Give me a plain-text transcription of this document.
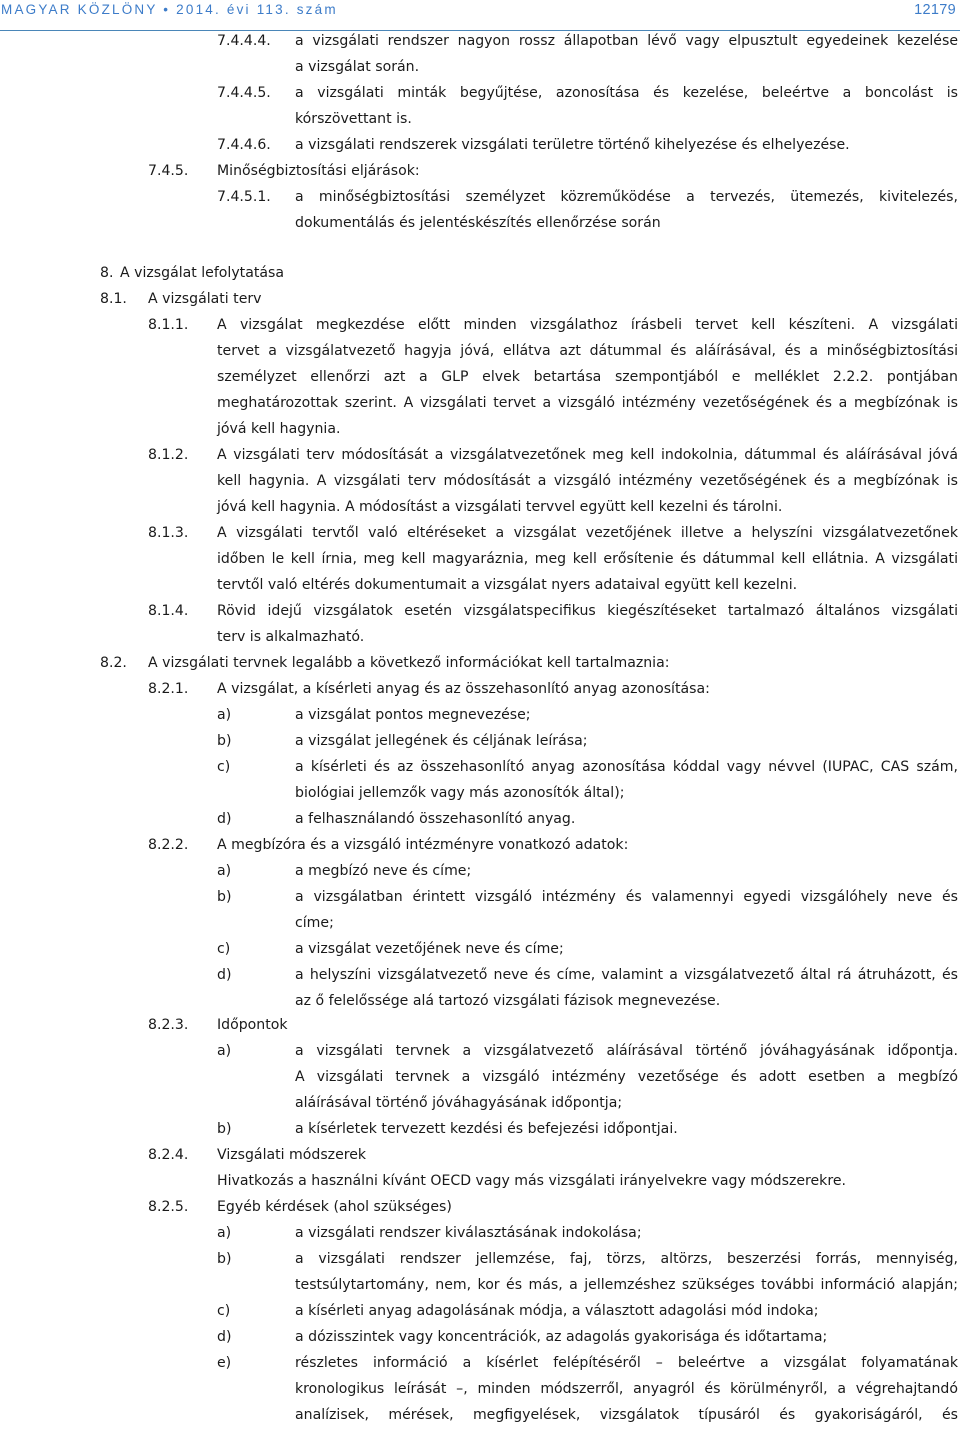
MAGYAR KÖZLÖNY • 2014. évi 113. szám	12179
7.4.4.4. a vizsgálati rendszer nagyon rossz állapotban lévő vagy elpusztult egyedeinek kezelése
a vizsgálat során.
7.4.4.5. a vizsgálati minták begyűjtése, azonosítása és kezelése, beleértve a boncolást is
kórszövettant is.
7.4.4.6. a vizsgálati rendszerek vizsgálati területre történő kihelyezése és elhelyezése.
7.4.5. Minőségbiztosítási eljárások:
7.4.5.1. a minőségbiztosítási személyzet közreműködése a tervezés, ütemezés, kivitelezés,
dokumentálás és jelentéskészítés ellenőrzése során
8. A vizsgálat lefolytatása
8.1. A vizsgálati terv
8.1.1. A vizsgálat megkezdése előtt minden vizsgálathoz írásbeli tervet kell készíteni. A vizsgálati
tervet a vizsgálatvezető hagyja jóvá, ellátva azt dátummal és aláírásával, és a minőségbiztosítási
személyzet ellenőrzi azt a GLP elvek betartása szempontjából e melléklet 2.2.2. pontjában
meghatározottak szerint. A vizsgálati tervet a vizsgáló intézmény vezetőségének és a megbízónak is
jóvá kell hagynia.
8.1.2. A vizsgálati terv módosítását a vizsgálatvezetőnek meg kell indokolnia, dátummal és aláírásával jóvá
kell hagynia. A vizsgálati terv módosítását a vizsgáló intézmény vezetőségének és a megbízónak is
jóvá kell hagynia. A módosítást a vizsgálati tervvel együtt kell kezelni és tárolni.
8.1.3. A vizsgálati tervtől való eltéréseket a vizsgálat vezetőjének illetve a helyszíni vizsgálatvezetőnek
időben le kell írnia, meg kell magyaráznia, meg kell erősítenie és dátummal kell ellátnia. A vizsgálati
tervtől való eltérés dokumentumait a vizsgálat nyers adataival együtt kell kezelni.
8.1.4. Rövid idejű vizsgálatok esetén vizsgálatspecifikus kiegészítéseket tartalmazó általános vizsgálati
terv is alkalmazható.
8.2. A vizsgálati tervnek legalább a következő információkat kell tartalmaznia:
8.2.1. A vizsgálat, a kísérleti anyag és az összehasonlító anyag azonosítása:
a)	a vizsgálat pontos megnevezése;
b)	a vizsgálat jellegének és céljának leírása;
c)	a kísérleti és az összehasonlító anyag azonosítása kóddal vagy névvel (IUPAC, CAS szám,
biológiai jellemzők vagy más azonosítók által);
d)	a felhasználandó összehasonlító anyag.
8.2.2. A megbízóra és a vizsgáló intézményre vonatkozó adatok:
a)	a megbízó neve és címe;
b)	a vizsgálatban érintett vizsgáló intézmény és valamennyi egyedi vizsgálóhely neve és
címe;
c)	a vizsgálat vezetőjének neve és címe;
d)	a helyszíni vizsgálatvezető neve és címe, valamint a vizsgálatvezető által rá átruházott, és
az ő felelőssége alá tartozó vizsgálati fázisok megnevezése.
8.2.3. Időpontok
a)	a vizsgálati tervnek a vizsgálatvezető aláírásával történő jóváhagyásának időpontja.
A vizsgálati tervnek a vizsgáló intézmény vezetősége és adott esetben a megbízó
aláírásával történő jóváhagyásának időpontja;
b)	a kísérletek tervezett kezdési és befejezési időpontjai.
8.2.4. Vizsgálati módszerek
Hivatkozás a használni kívánt OECD vagy más vizsgálati irányelvekre vagy módszerekre.
8.2.5. Egyéb kérdések (ahol szükséges)
a)	a vizsgálati rendszer kiválasztásának indokolása;
b)	a vizsgálati rendszer jellemzése, faj, törzs, altörzs, beszerzési forrás, mennyiség,
testsúlytartomány, nem, kor és más, a jellemzéshez szükséges további információ alapján;
c)	a kísérleti anyag adagolásának módja, a választott adagolási mód indoka;
d)	a dózisszintek vagy koncentrációk, az adagolás gyakorisága és időtartama;
e)	részletes információ a kísérlet felépítéséről – beleértve a vizsgálat folyamatának
kronologikus leírását –, minden módszerről, anyagról és körülményről, a végrehajtandó
analízisek, mérések, megfigyelések, vizsgálatok típusáról és gyakoriságáról, és
